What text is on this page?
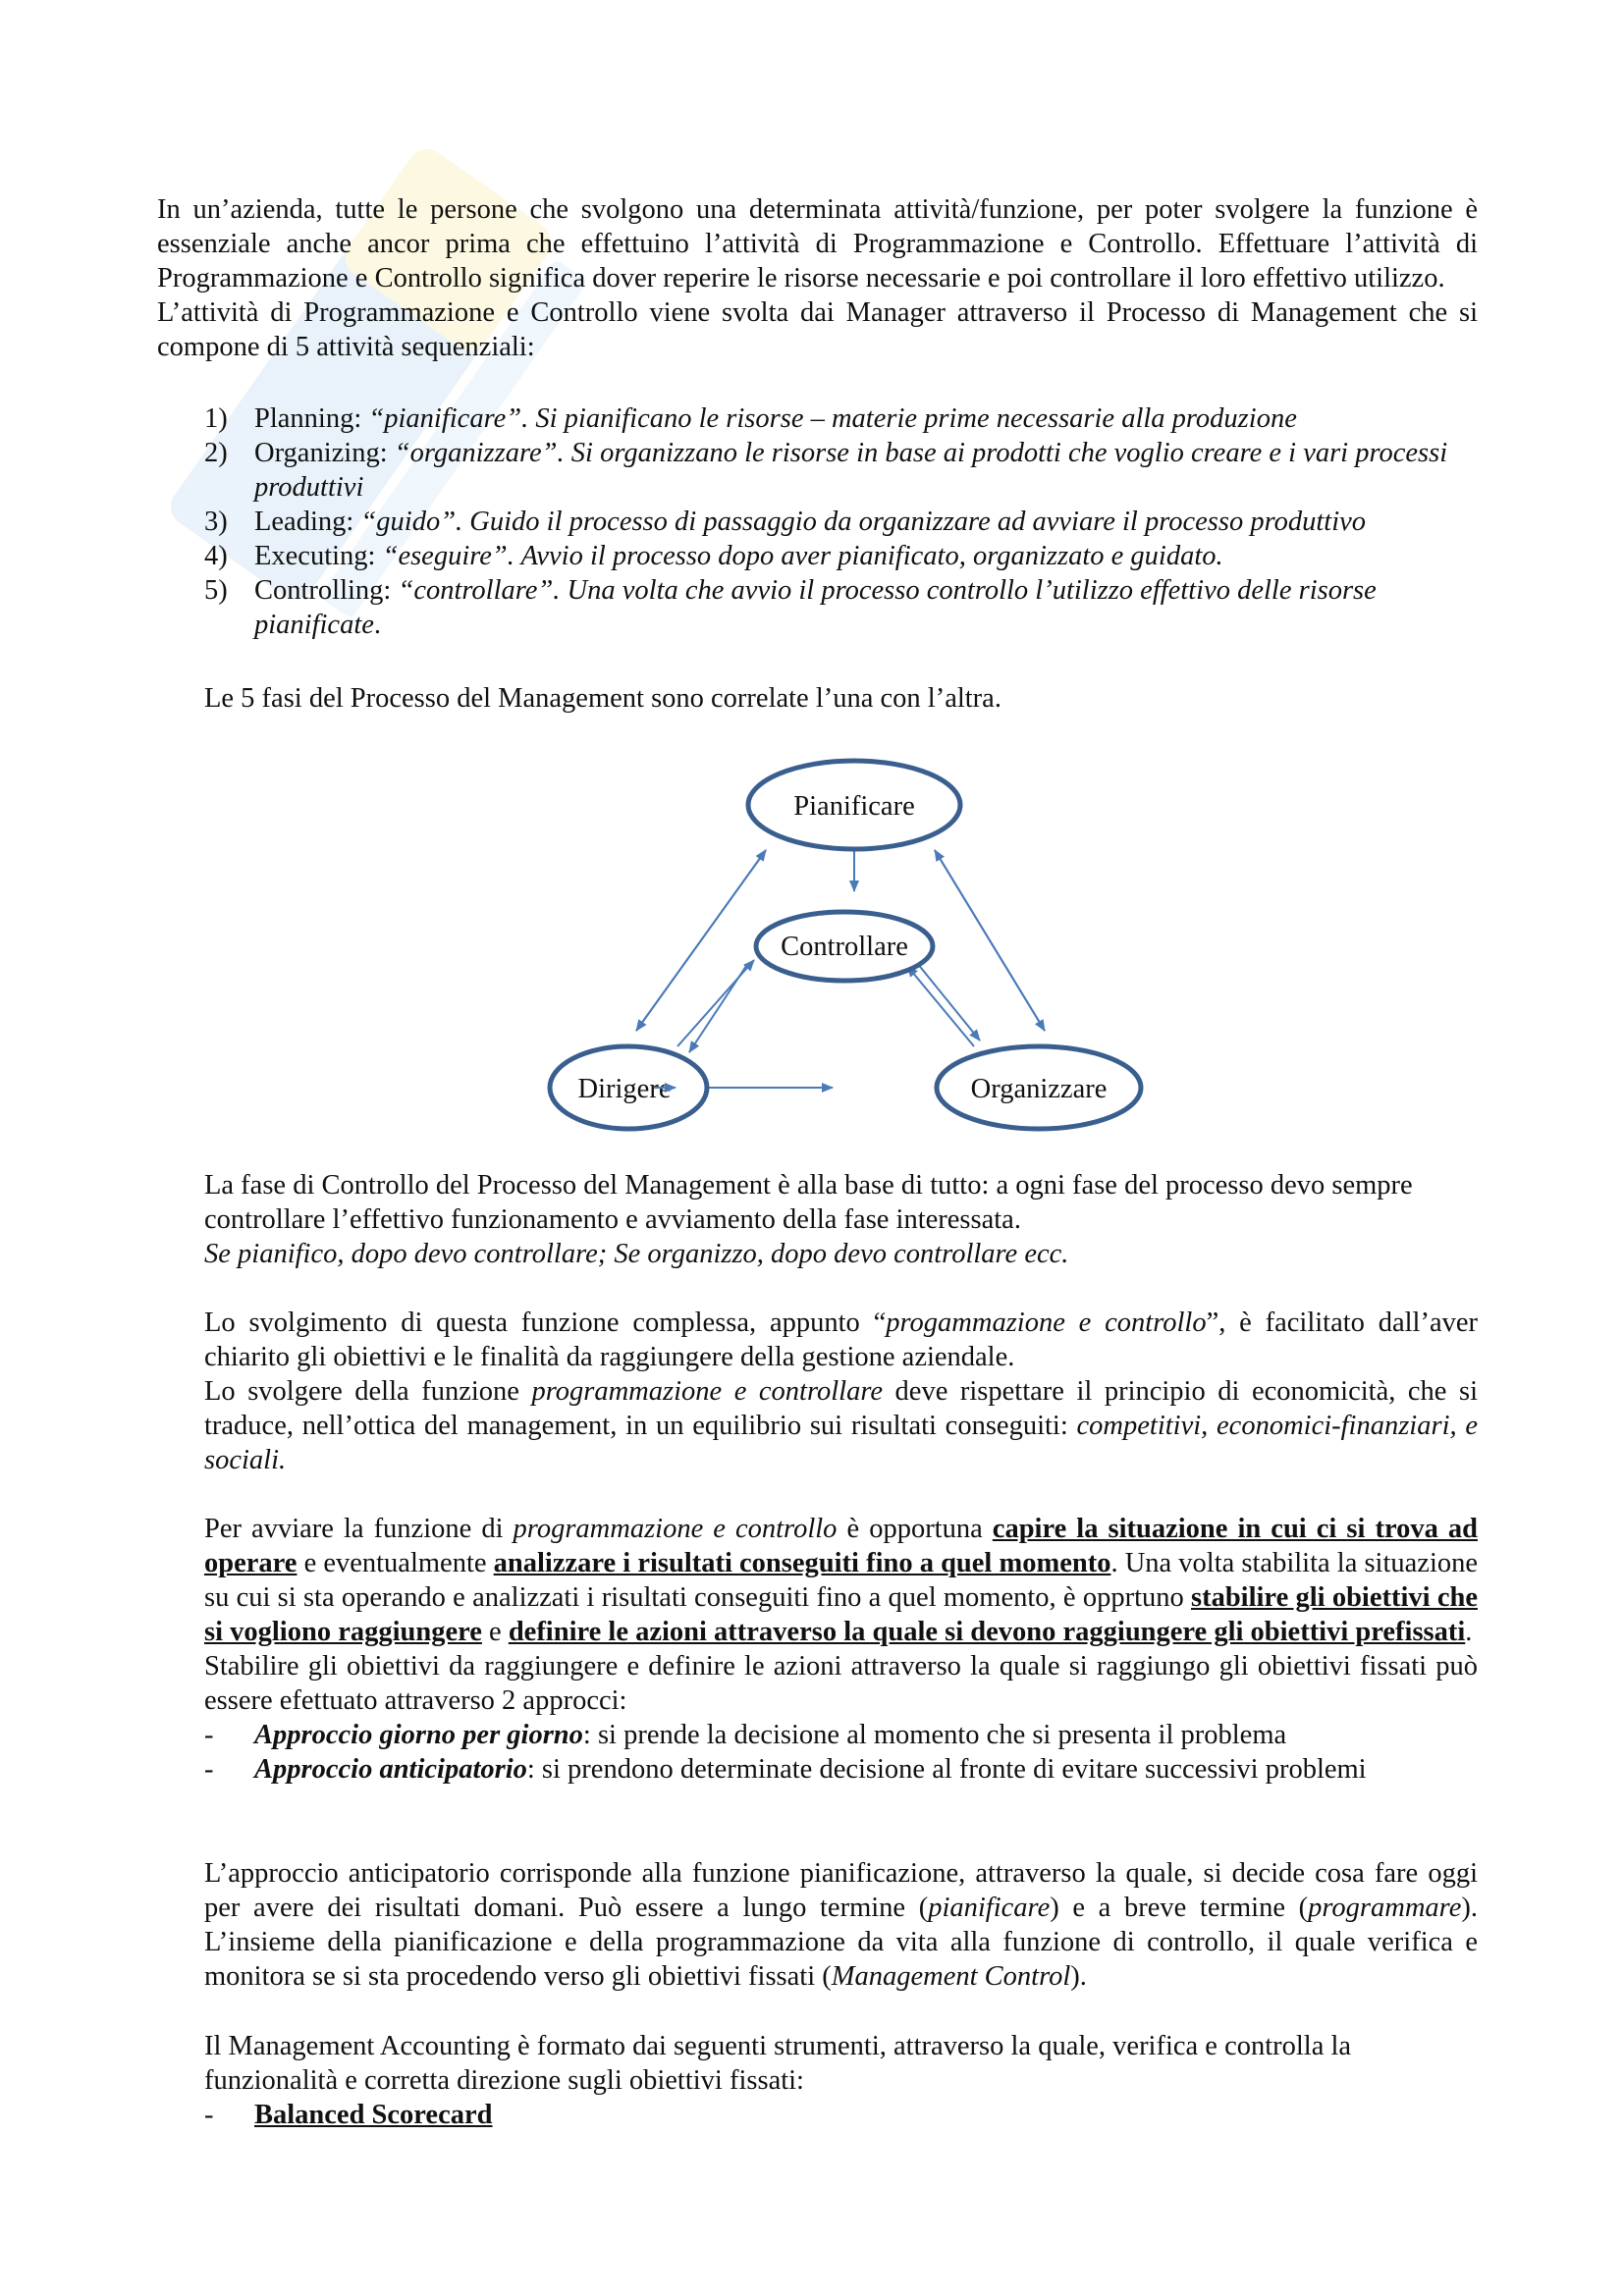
In un’azienda, tutte le persone che svolgono una determinata attività/funzione, per poter svolgere la funzione è essenziale anche ancor prima che effettuino l’attività di Programmazione e Controllo. Effettuare l’attività di Programmazione e Controllo significa dover reperire le risorse necessarie e poi controllare il loro effettivo utilizzo.

L’attività di Programmazione e Controllo viene svolta dai Manager attraverso il Processo di Management che si compone di 5 attività sequenziali:

1) Planning: “pianificare”. Si pianificano le risorse – materie prime necessarie alla produzione
2) Organizing: “organizzare”. Si organizzano le risorse in base ai prodotti che voglio creare e i vari processi produttivi
3) Leading: “guido”. Guido il processo di passaggio da organizzare ad avviare il processo produttivo
4) Executing: “eseguire”. Avvio il processo dopo aver pianificato, organizzato e guidato.
5) Controlling: “controllare”. Una volta che avvio il processo controllo l’utilizzo effettivo delle risorse pianificate.

Le 5 fasi del Processo del Management sono correlate l’una con l’altra.

Pianificare
Controllare
Organizzare
Dirigere

La fase di Controllo del Processo del Management è alla base di tutto: a ogni fase del processo devo sempre controllare l’effettivo funzionamento e avviamento della fase interessata.

Se pianifico, dopo devo controllare; Se organizzo, dopo devo controllare ecc.

Lo svolgimento di questa funzione complessa, appunto “progammazione e controllo”, è facilitato dall’aver chiarito gli obiettivi e le finalità da raggiungere della gestione aziendale.

Lo svolgere della funzione programmazione e controllare deve rispettare il principio di economicità, che si traduce, nell’ottica del management, in un equilibrio sui risultati conseguiti: competitivi, economici-finanziari, e sociali.

Per avviare la funzione di programmazione e controllo è opportuna capire la situazione in cui ci si trova ad operare e eventualmente analizzare i risultati conseguiti fino a quel momento. Una volta stabilita la situazione su cui si sta operando e analizzati i risultati conseguiti fino a quel momento, è opprtuno stabilire gli obiettivi che si vogliono raggiungere e definire le azioni attraverso la quale si devono raggiungere gli obiettivi prefissati.

Stabilire gli obiettivi da raggiungere e definire le azioni attraverso la quale si raggiungo gli obiettivi fissati può essere efettuato attraverso 2 approcci:

-	Approccio giorno per giorno: si prende la decisione al momento che si presenta il problema
-	Approccio anticipatorio: si prendono determinate decisione al fronte di evitare successivi problemi

L’approccio anticipatorio corrisponde alla funzione pianificazione, attraverso la quale, si decide cosa fare oggi per avere dei risultati domani. Può essere a lungo termine (pianificare) e a breve termine (programmare). L’insieme della pianificazione e della programmazione da vita alla funzione di controllo, il quale verifica e monitora se si sta procedendo verso gli obiettivi fissati (Management Control).

Il Management Accounting è formato dai seguenti strumenti, attraverso la quale, verifica e controlla la funzionalità e corretta direzione sugli obiettivi fissati:

-	Balanced Scorecard
